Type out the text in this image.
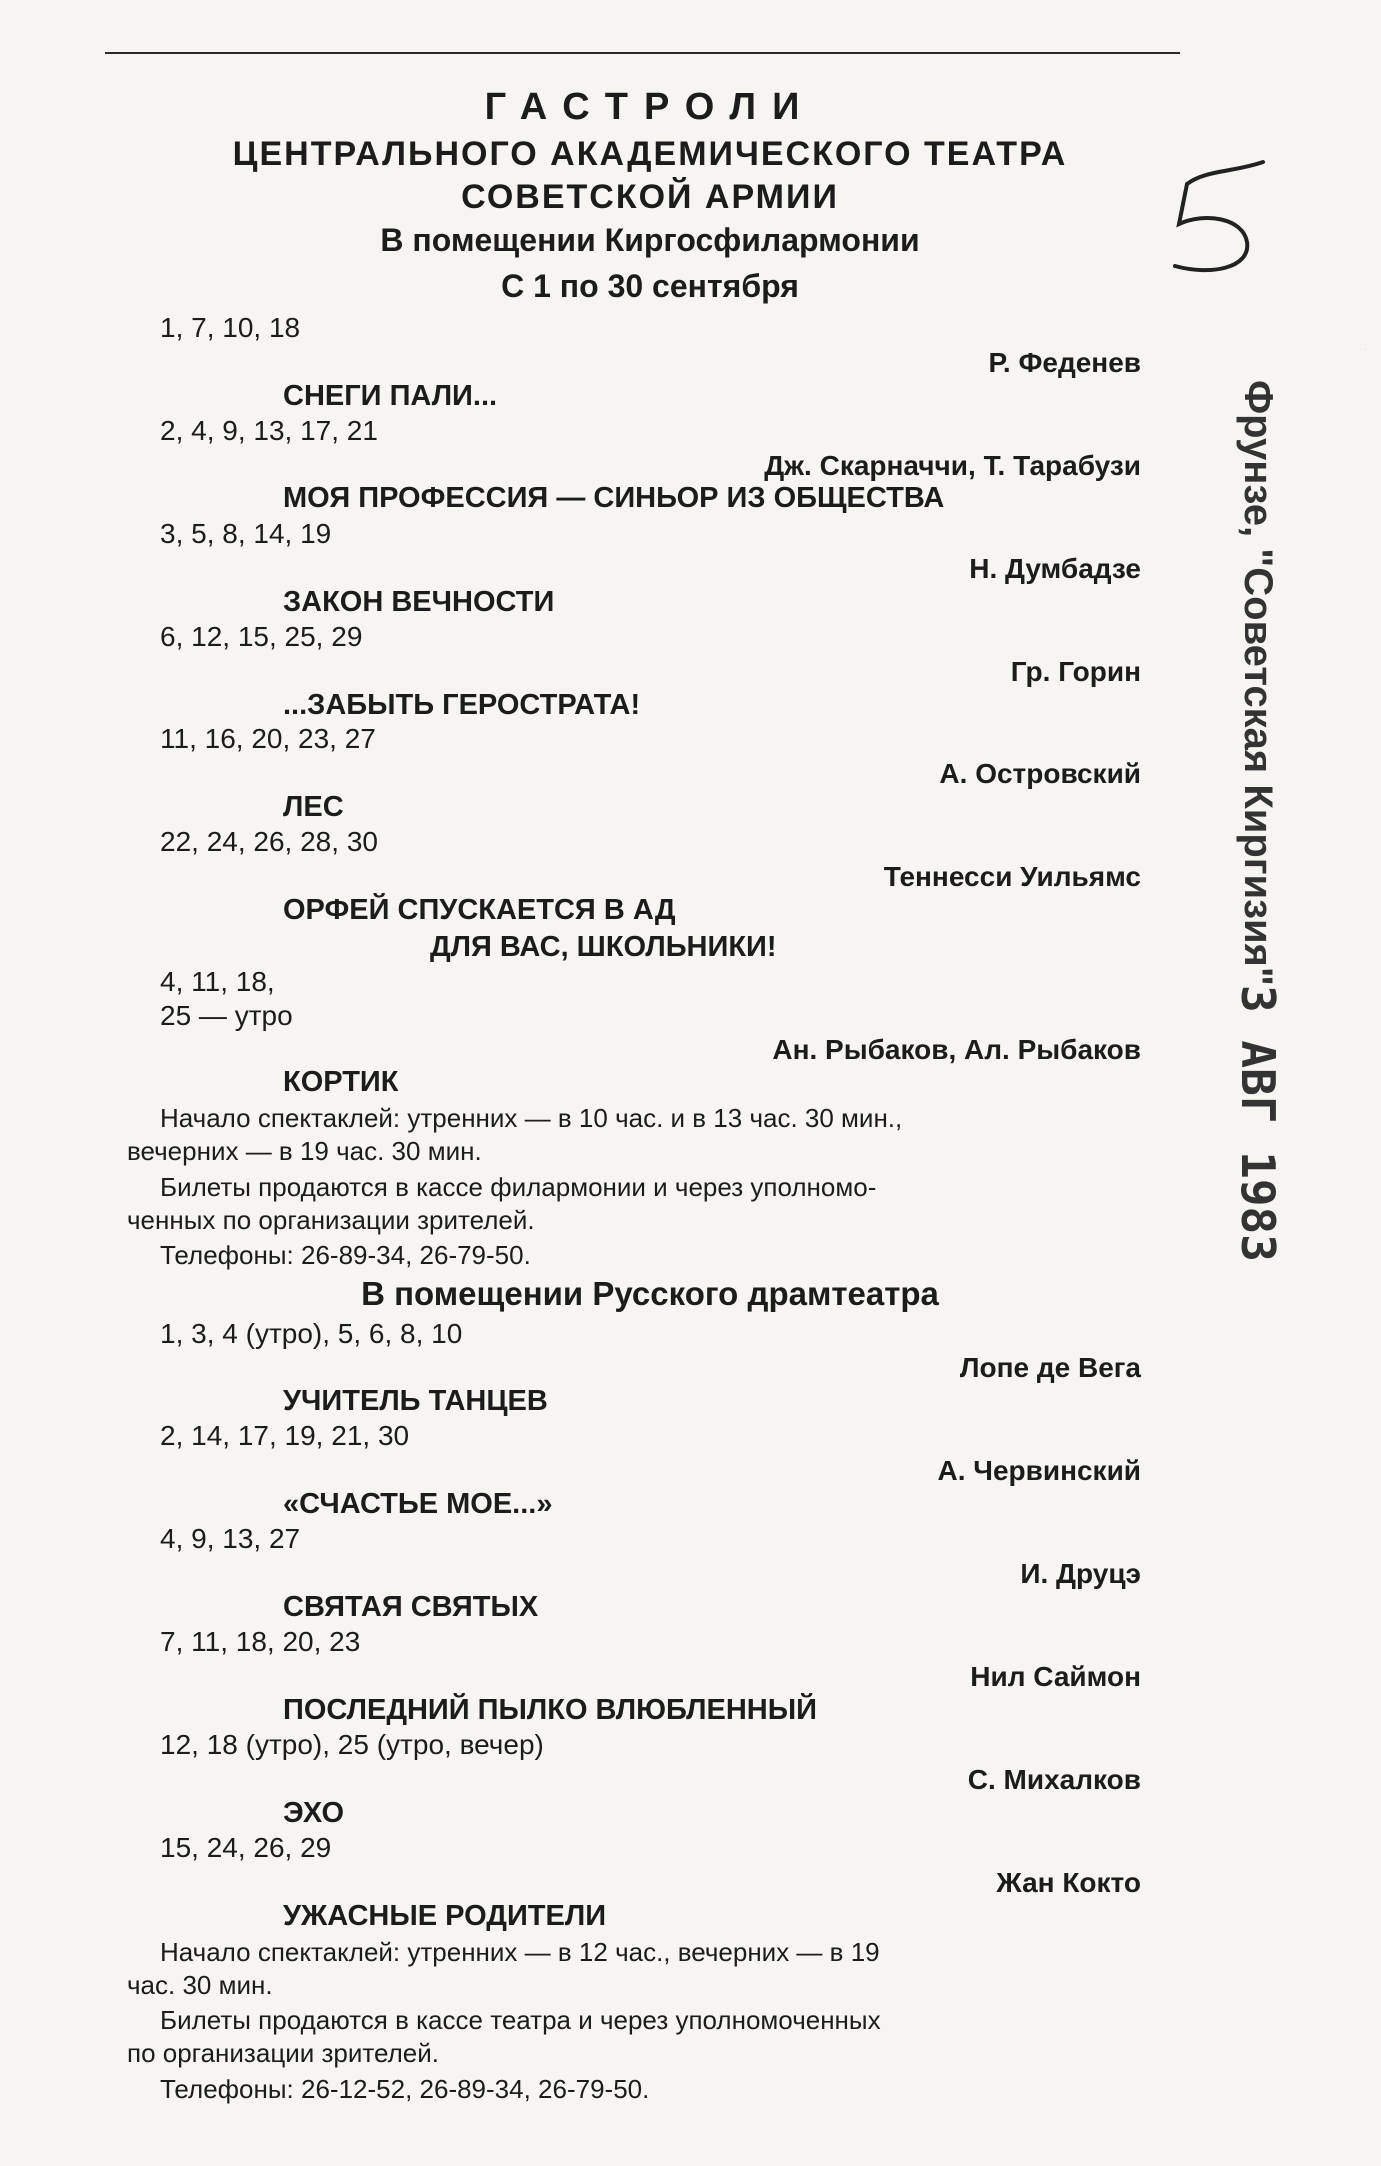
ГАСТРОЛИ
ЦЕНТРАЛЬНОГО АКАДЕМИЧЕСКОГО ТЕАТРА
СОВЕТСКОЙ АРМИИ
В помещении Киргосфилармонии
С 1 по 30 сентября
5
1, 7, 10, 18
Р. Феденев
СНЕГИ ПАЛИ...
2, 4, 9, 13, 17, 21
Дж. Скарначчи, Т. Тарабузи
МОЯ ПРОФЕССИЯ — СИНЬОР ИЗ ОБЩЕСТВА
3, 5, 8, 14, 19
Н. Думбадзе
ЗАКОН ВЕЧНОСТИ
6, 12, 15, 25, 29
Гр. Горин
...ЗАБЫТЬ ГЕРОСТРАТА!
11, 16, 20, 23, 27
А. Островский
ЛЕС
22, 24, 26, 28, 30
Теннесси Уильямс
ОРФЕЙ СПУСКАЕТСЯ В АД
ДЛЯ ВАС, ШКОЛЬНИКИ!
4, 11, 18,
25 — утро
Ан. Рыбаков, Ал. Рыбаков
КОРТИК
Начало спектаклей: утренних — в 10 час. и в 13 час. 30 мин.,
вечерних — в 19 час. 30 мин.
Билеты продаются в кассе филармонии и через уполномо-
ченных по организации зрителей.
Телефоны: 26-89-34, 26-79-50.
В помещении Русского драмтеатра
1, 3, 4 (утро), 5, 6, 8, 10
Лопе де Вега
УЧИТЕЛЬ ТАНЦЕВ
2, 14, 17, 19, 21, 30
А. Червинский
«СЧАСТЬЕ МОЕ...»
4, 9, 13, 27
И. Друцэ
СВЯТАЯ СВЯТЫХ
7, 11, 18, 20, 23
Нил Саймон
ПОСЛЕДНИЙ ПЫЛКО ВЛЮБЛЕННЫЙ
12, 18 (утро), 25 (утро, вечер)
С. Михалков
ЭХО
15, 24, 26, 29
Жан Кокто
УЖАСНЫЕ РОДИТЕЛИ
Начало спектаклей: утренних — в 12 час., вечерних — в 19
час. 30 мин.
Билеты продаются в кассе театра и через уполномоченных
по организации зрителей.
Телефоны: 26-12-52, 26-89-34, 26-79-50.
Фрунзе, "Советская Киргизия"
3 АВГ 1983
